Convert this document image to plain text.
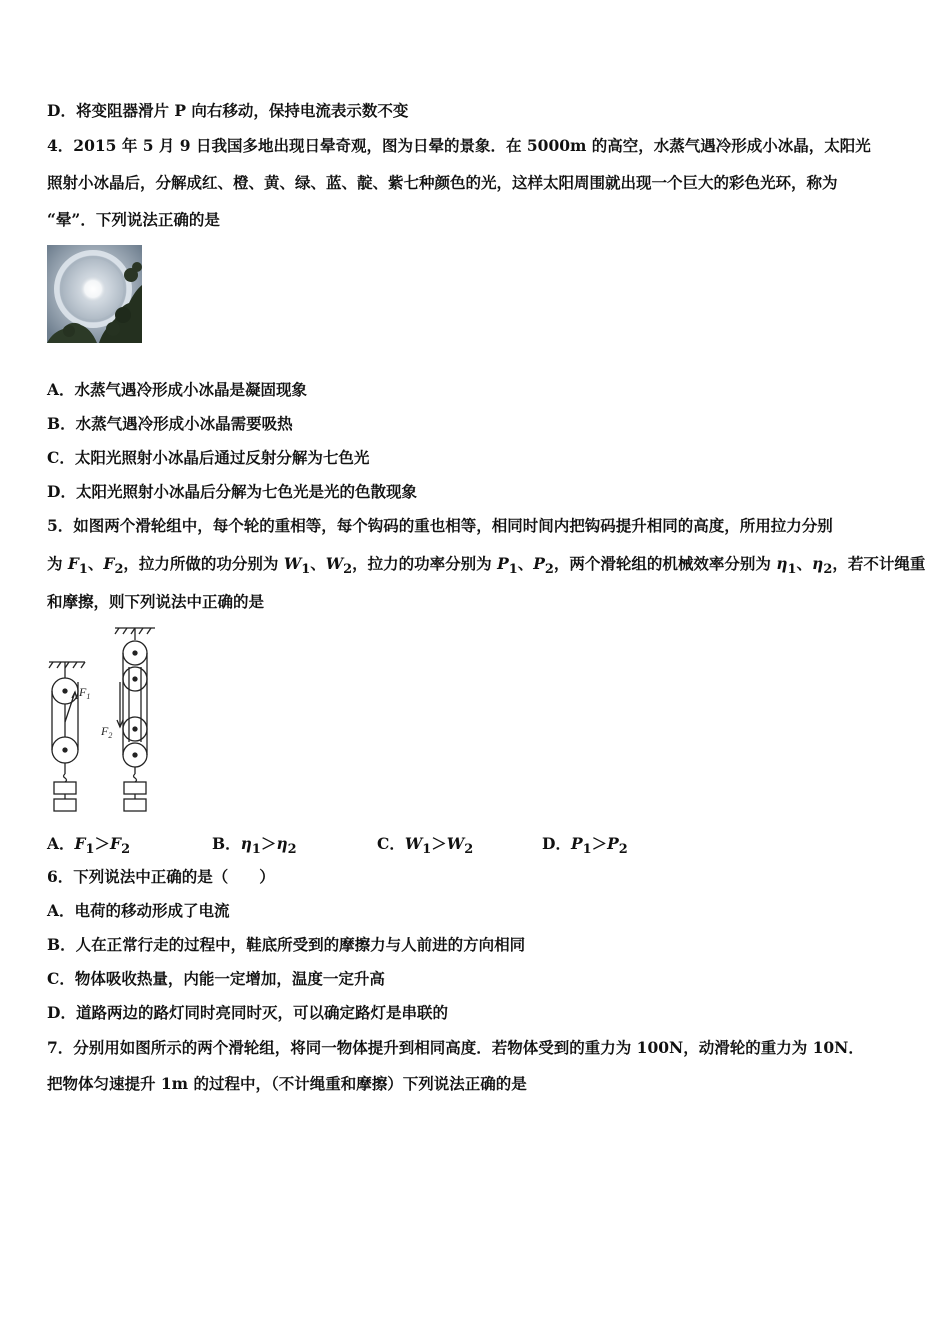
D．将变阻器滑片 P 向右移动，保持电流表示数不变
4．2015 年 5 月 9 日我国多地出现日晕奇观，图为日晕的景象．在 5000m 的高空，水蒸气遇冷形成小冰晶，太阳光
照射小冰晶后，分解成红、橙、黄、绿、蓝、靛、紫七种颜色的光，这样太阳周围就出现一个巨大的彩色光环，称为
“晕”．下列说法正确的是
A．水蒸气遇冷形成小冰晶是凝固现象
B．水蒸气遇冷形成小冰晶需要吸热
C．太阳光照射小冰晶后通过反射分解为七色光
D．太阳光照射小冰晶后分解为七色光是光的色散现象
5．如图两个滑轮组中，每个轮的重相等，每个钩码的重也相等，相同时间内把钩码提升相同的高度，所用拉力分别
为 $F_1$、$F_2$，拉力所做的功分别为 $W_1$、$W_2$，拉力的功率分别为 $P_1$、$P_2$，两个滑轮组的机械效率分别为 $\eta_1$、$\eta_2$，若不计绳重
和摩擦，则下列说法中正确的是
$F_1$
$F_2$
A．$F_1>F_2$	B．$\eta_1>\eta_2$	C．$W_1>W_2$	D．$P_1>P_2$
6．下列说法中正确的是（　　）
A．电荷的移动形成了电流
B．人在正常行走的过程中，鞋底所受到的摩擦力与人前进的方向相同
C．物体吸收热量，内能一定增加，温度一定升高
D．道路两边的路灯同时亮同时灭，可以确定路灯是串联的
7．分别用如图所示的两个滑轮组，将同一物体提升到相同高度．若物体受到的重力为 100N，动滑轮的重力为 10N．
把物体匀速提升 1m 的过程中，（不计绳重和摩擦）下列说法正确的是
